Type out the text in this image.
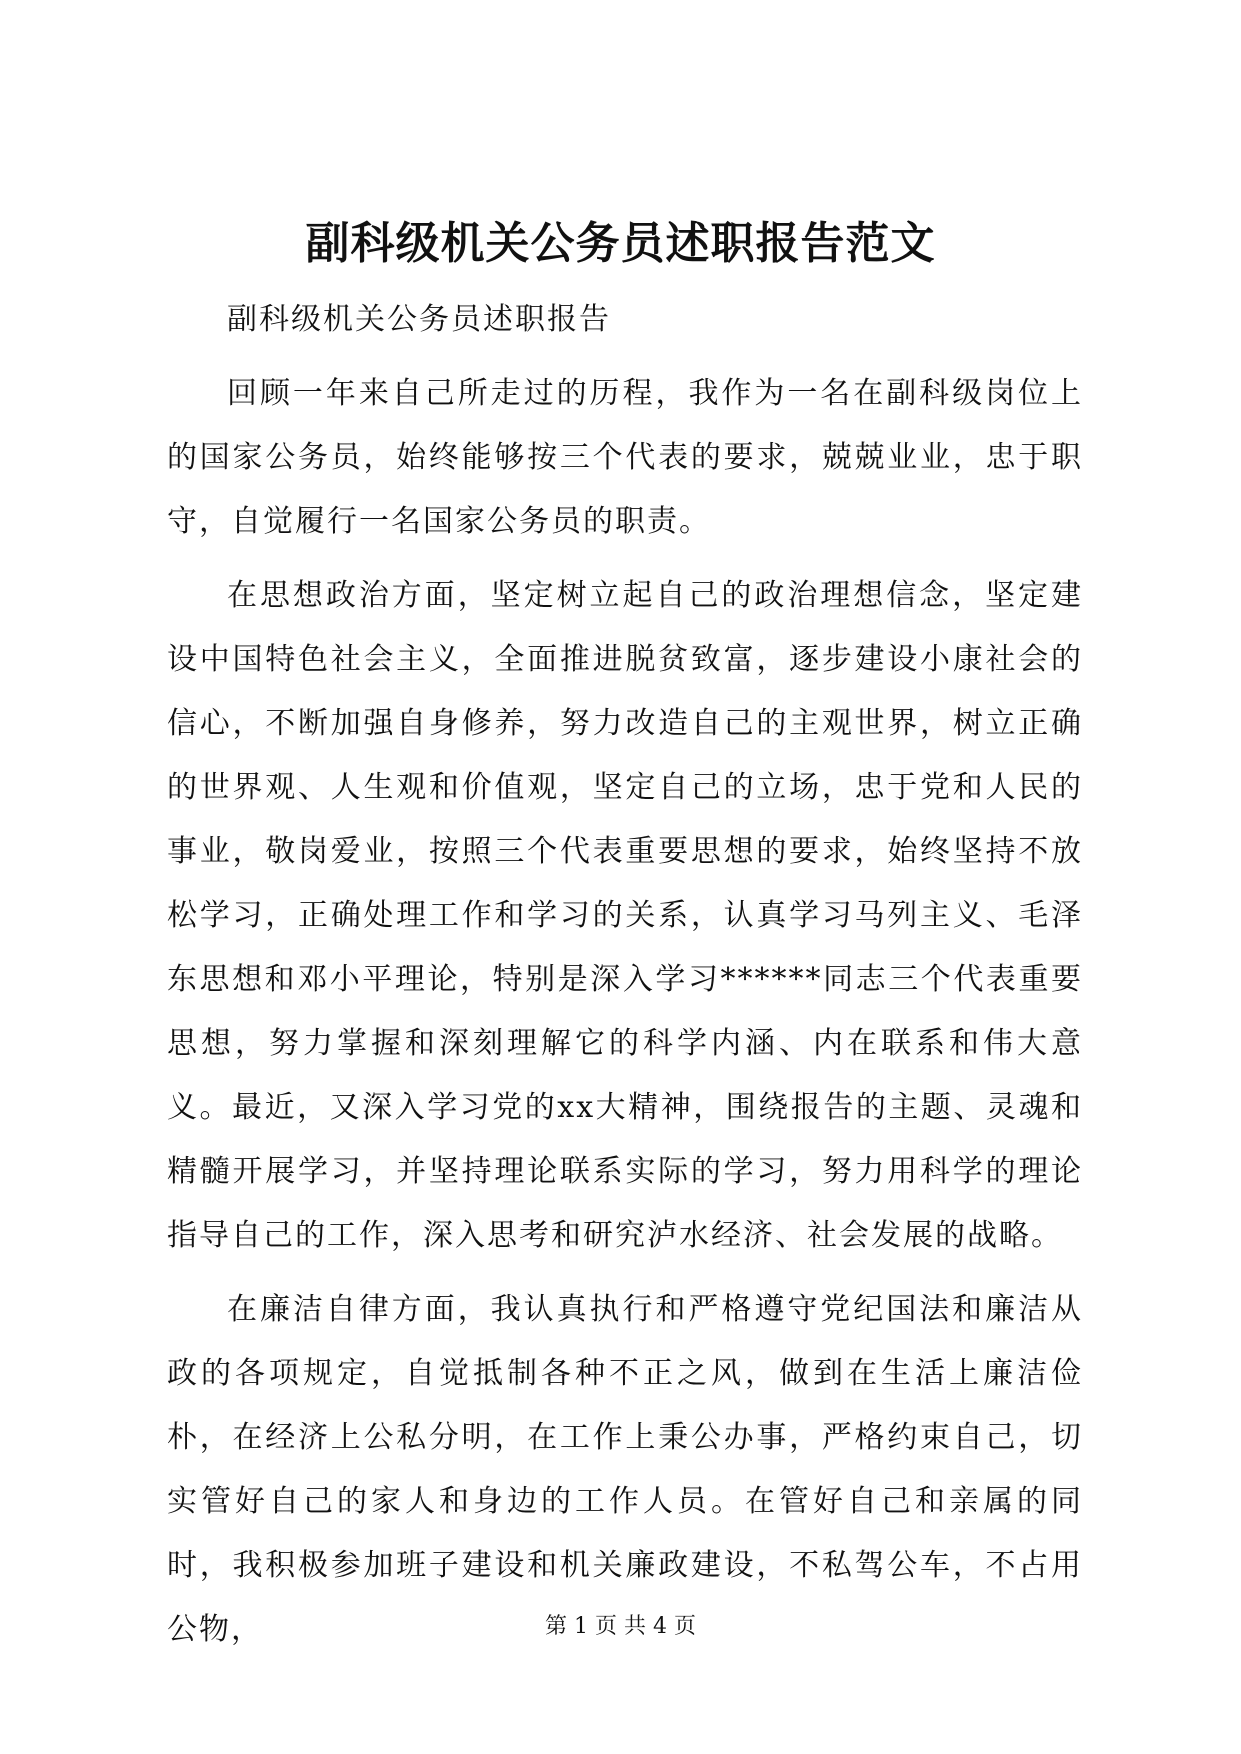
副科级机关公务员述职报告范文

副科级机关公务员述职报告

回顾一年来自己所走过的历程，我作为一名在副科级岗位上的国家公务员，始终能够按三个代表的要求，兢兢业业，忠于职守，自觉履行一名国家公务员的职责。

在思想政治方面，坚定树立起自己的政治理想信念，坚定建设中国特色社会主义，全面推进脱贫致富，逐步建设小康社会的信心，不断加强自身修养，努力改造自己的主观世界，树立正确的世界观、人生观和价值观，坚定自己的立场，忠于党和人民的事业，敬岗爱业，按照三个代表重要思想的要求，始终坚持不放松学习，正确处理工作和学习的关系，认真学习马列主义、毛泽东思想和邓小平理论，特别是深入学习******同志三个代表重要思想，努力掌握和深刻理解它的科学内涵、内在联系和伟大意义。最近，又深入学习党的xx大精神，围绕报告的主题、灵魂和精髓开展学习，并坚持理论联系实际的学习，努力用科学的理论指导自己的工作，深入思考和研究泸水经济、社会发展的战略。

在廉洁自律方面，我认真执行和严格遵守党纪国法和廉洁从政的各项规定，自觉抵制各种不正之风，做到在生活上廉洁俭朴，在经济上公私分明，在工作上秉公办事，严格约束自己，切实管好自己的家人和身边的工作人员。在管好自己和亲属的同时，我积极参加班子建设和机关廉政建设，不私驾公车，不占用公物，	第 1 页 共 4 页
